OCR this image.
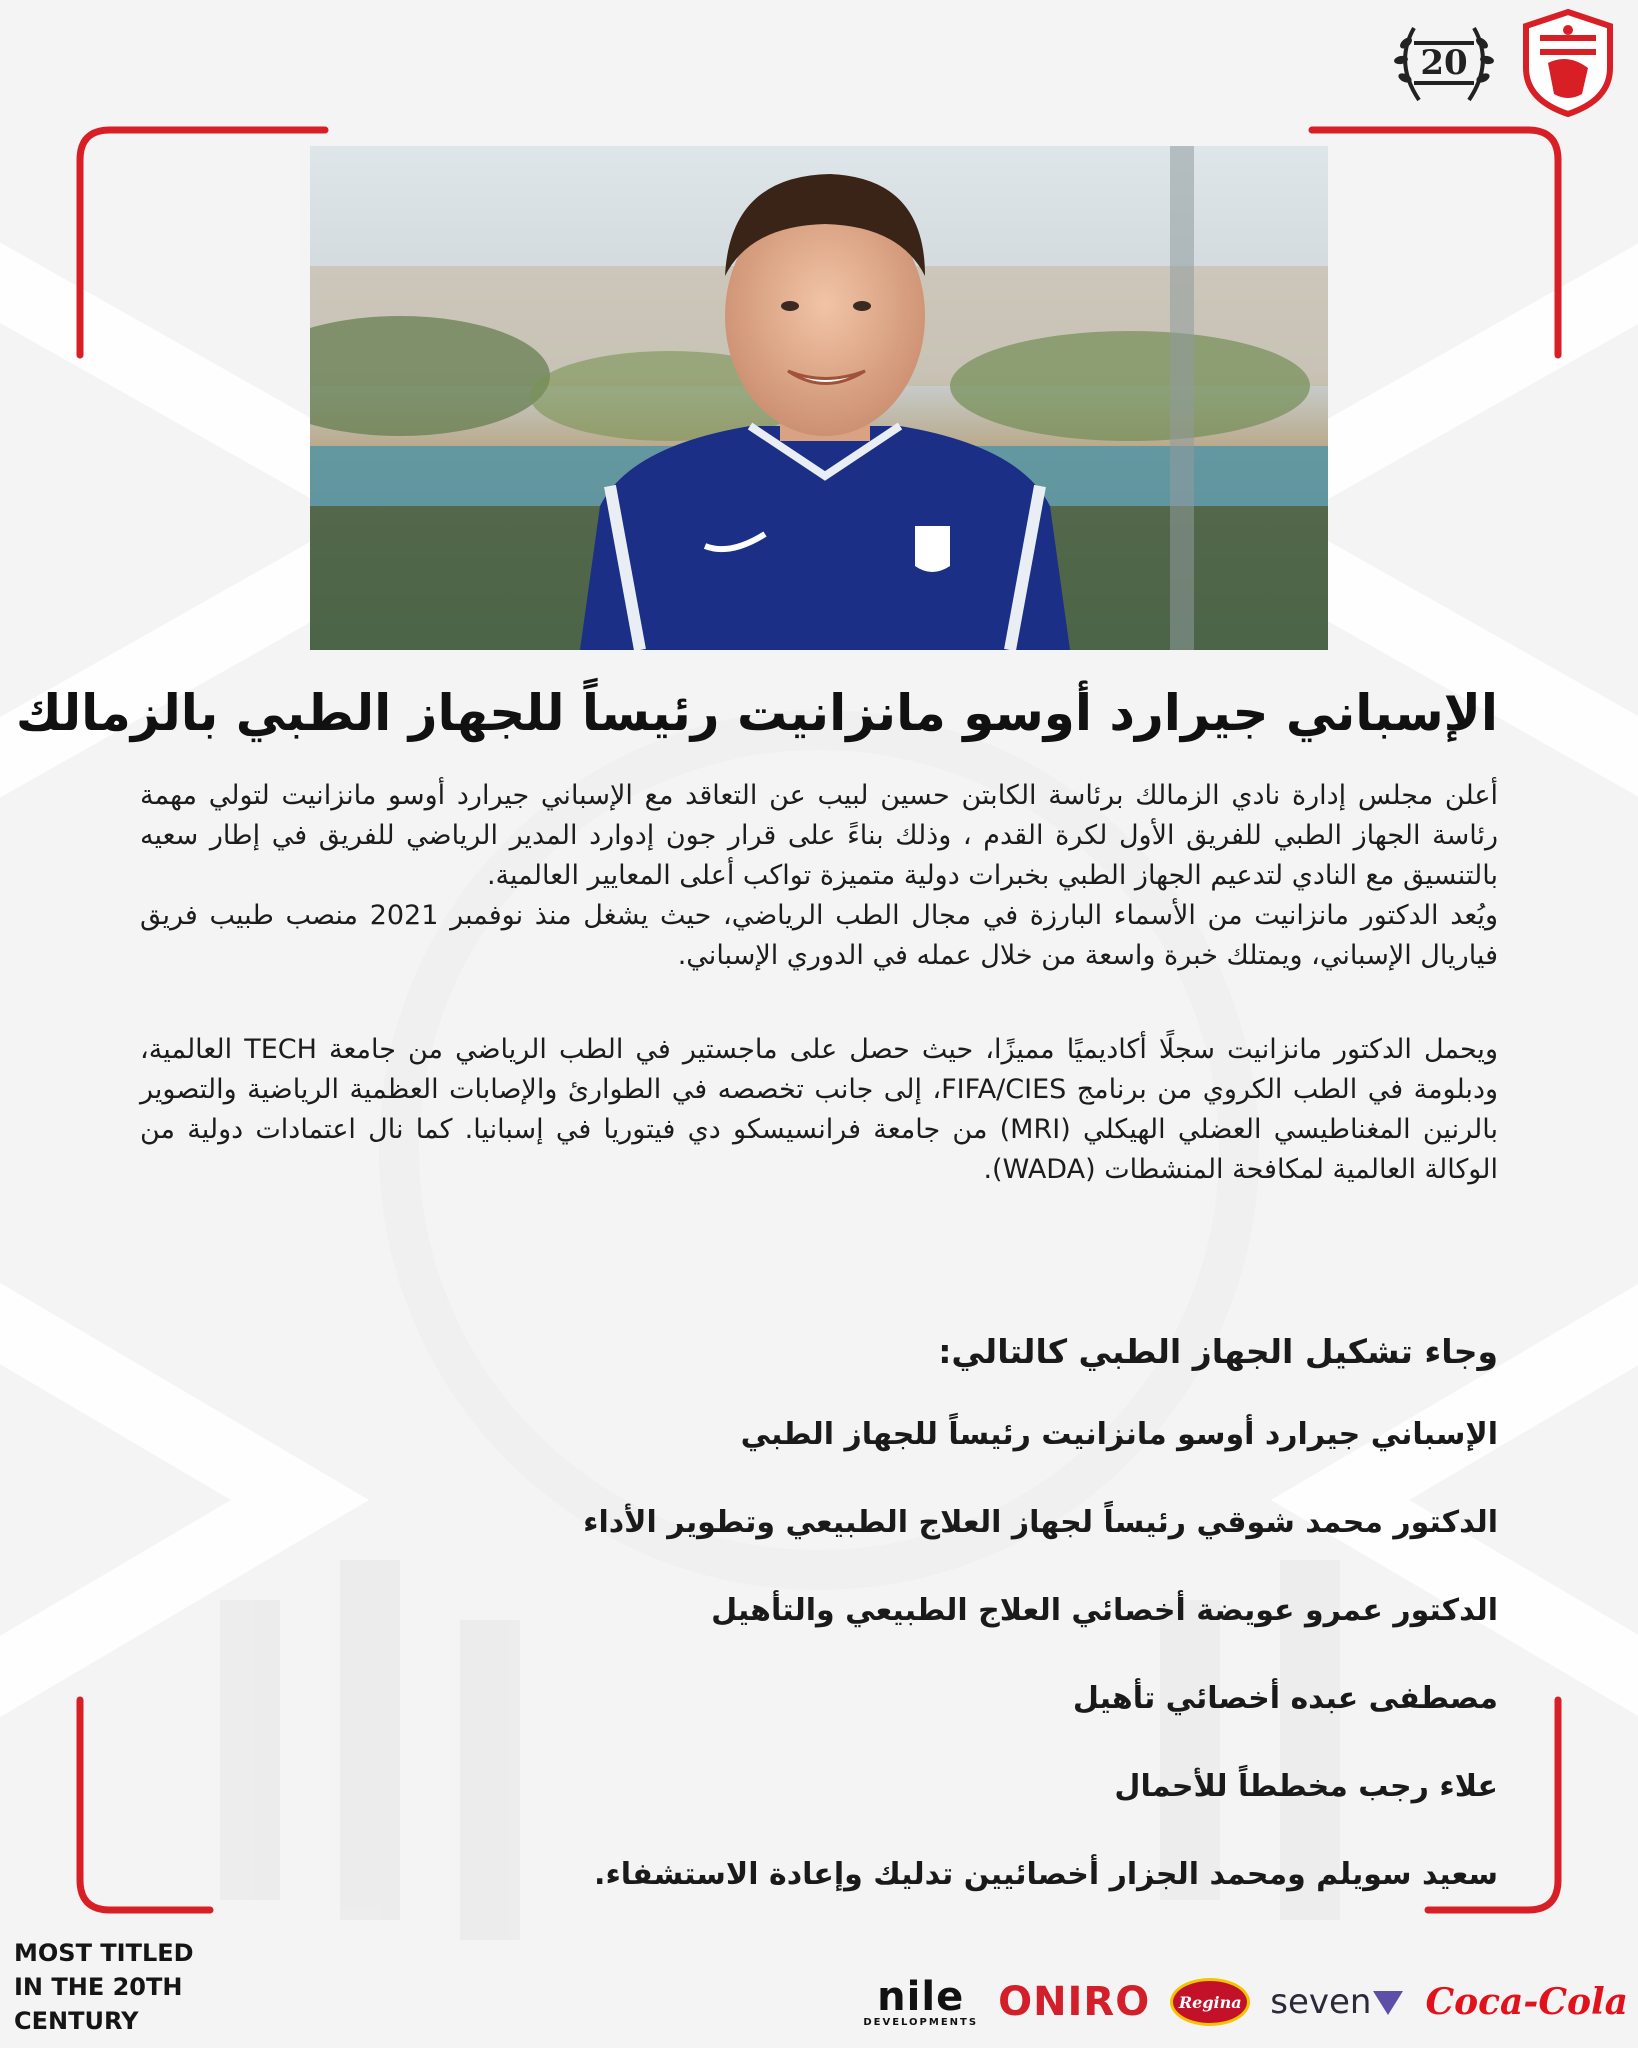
20
الإسباني جيرارد أوسو مانزانيت رئيساً للجهاز الطبي بالزمالك

أعلن مجلس إدارة نادي الزمالك برئاسة الكابتن حسين لبيب عن التعاقد مع الإسباني جيرارد أوسو مانزانيت لتولي مهمة رئاسة الجهاز الطبي للفريق الأول لكرة القدم ، وذلك بناءً على قرار جون إدوارد المدير الرياضي للفريق في إطار سعيه بالتنسيق مع النادي لتدعيم الجهاز الطبي بخبرات دولية متميزة تواكب أعلى المعايير العالمية.

ويُعد الدكتور مانزانيت من الأسماء البارزة في مجال الطب الرياضي، حيث يشغل منذ نوفمبر 2021 منصب طبيب فريق فياريال الإسباني، ويمتلك خبرة واسعة من خلال عمله في الدوري الإسباني.

ويحمل الدكتور مانزانيت سجلًا أكاديميًا مميزًا، حيث حصل على ماجستير في الطب الرياضي من جامعة TECH العالمية، ودبلومة في الطب الكروي من برنامج FIFA/CIES، إلى جانب تخصصه في الطوارئ والإصابات العظمية الرياضية والتصوير بالرنين المغناطيسي العضلي الهيكلي (MRI) من جامعة فرانسيسكو دي فيتوريا في إسبانيا. كما نال اعتمادات دولية من الوكالة العالمية لمكافحة المنشطات (WADA).

وجاء تشكيل الجهاز الطبي كالتالي:
الإسباني جيرارد أوسو مانزانيت رئيساً للجهاز الطبي
الدكتور محمد شوقي رئيساً لجهاز العلاج الطبيعي وتطوير الأداء
الدكتور عمرو عويضة أخصائي العلاج الطبيعي والتأهيل
مصطفى عبده أخصائي تأهيل
علاء رجب مخططاً للأحمال
سعيد سويلم ومحمد الجزار أخصائيين تدليك وإعادة الاستشفاء.
MOST TITLED
IN THE 20TH
CENTURY
nile
DEVELOPMENTS ONIRO	Regina seven Coca-Cola
